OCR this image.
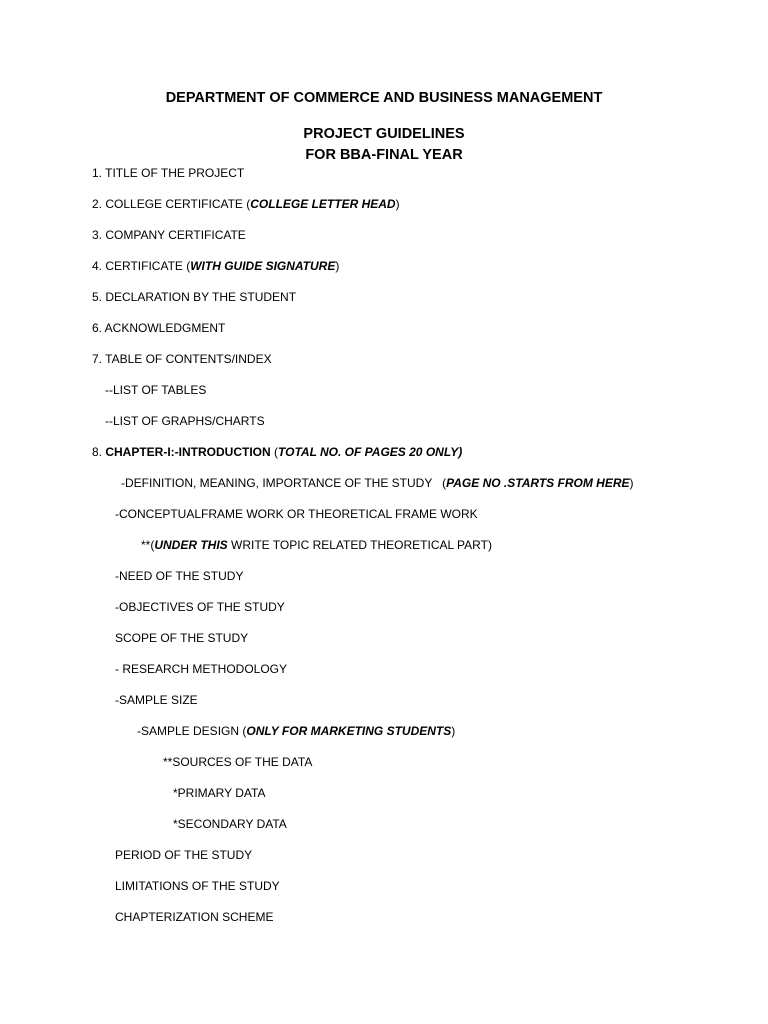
DEPARTMENT OF COMMERCE AND BUSINESS MANAGEMENT
PROJECT GUIDELINES
FOR BBA-FINAL YEAR
1. TITLE OF THE PROJECT
2. COLLEGE CERTIFICATE (COLLEGE LETTER HEAD)
3. COMPANY CERTIFICATE
4. CERTIFICATE (WITH GUIDE SIGNATURE)
5. DECLARATION BY THE STUDENT
6. ACKNOWLEDGMENT
7. TABLE OF CONTENTS/INDEX
--LIST OF TABLES
--LIST OF GRAPHS/CHARTS
8. CHAPTER-I:-INTRODUCTION (TOTAL NO. OF PAGES 20 ONLY)
-DEFINITION, MEANING, IMPORTANCE OF THE STUDY   (PAGE NO .STARTS FROM HERE)
-CONCEPTUALFRAME WORK OR THEORETICAL FRAME WORK
**(UNDER THIS WRITE TOPIC RELATED THEORETICAL PART)
-NEED OF THE STUDY
-OBJECTIVES OF THE STUDY
SCOPE OF THE STUDY
- RESEARCH METHODOLOGY
-SAMPLE SIZE
-SAMPLE DESIGN (ONLY FOR MARKETING STUDENTS)
**SOURCES OF THE DATA
*PRIMARY DATA
*SECONDARY DATA
PERIOD OF THE STUDY
LIMITATIONS OF THE STUDY
CHAPTERIZATION SCHEME
